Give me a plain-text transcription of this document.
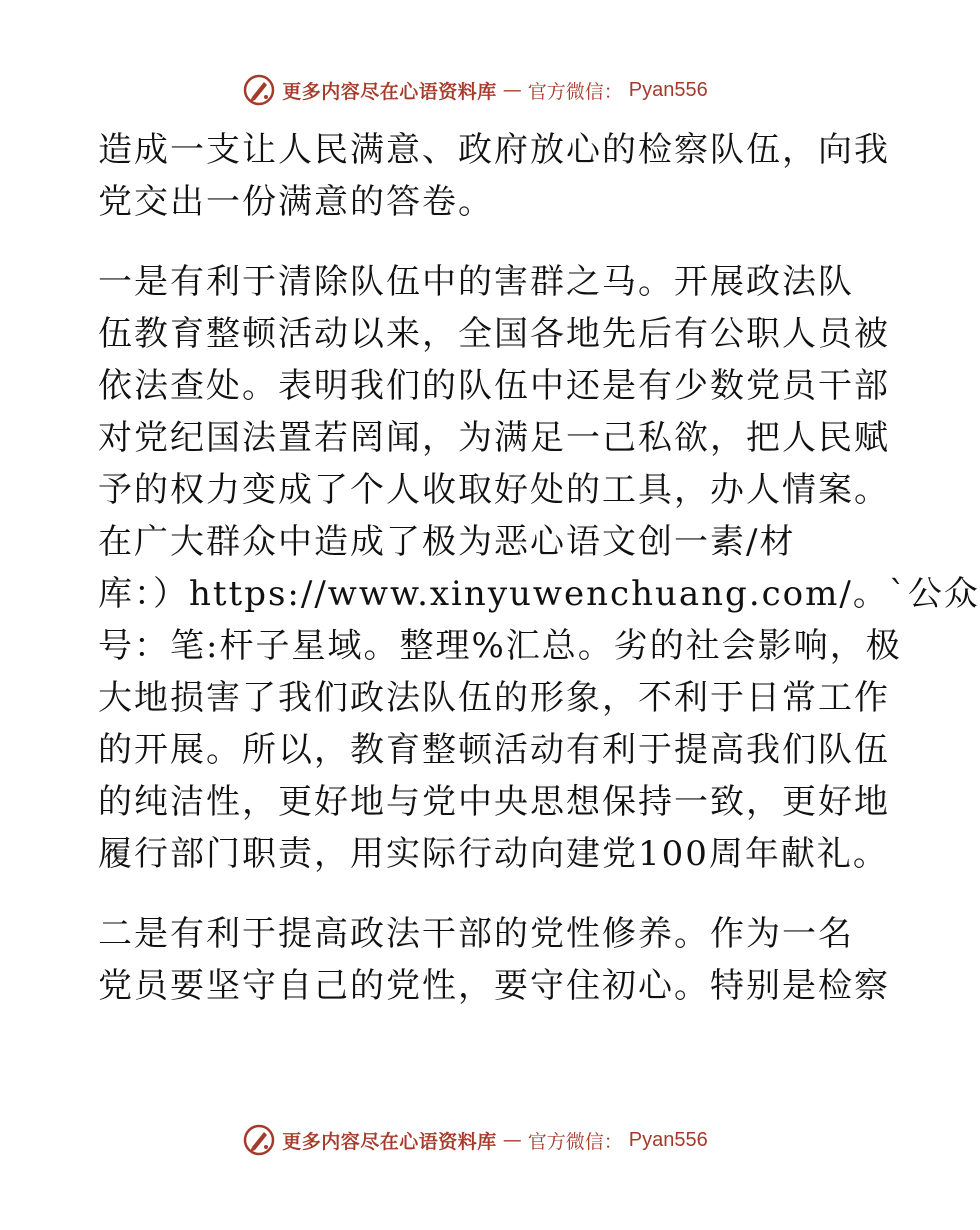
更多内容尽在心语资料库 — 官方微信： Pyan556
造成一支让人民满意、政府放心的检察队伍，向我
党交出一份满意的答卷。
一是有利于清除队伍中的害群之马。开展政法队
伍教育整顿活动以来，全国各地先后有公职人员被
依法查处。表明我们的队伍中还是有少数党员干部
对党纪国法置若罔闻，为满足一己私欲，把人民赋
予的权力变成了个人收取好处的工具，办人情案。
在广大群众中造成了极为恶心语文创一素/材
库：）https://www.xinyuwenchuang.com/。`公众
号：笔:杆子星域。整理%汇总。劣的社会影响，极
大地损害了我们政法队伍的形象，不利于日常工作
的开展。所以，教育整顿活动有利于提高我们队伍
的纯洁性，更好地与党中央思想保持一致，更好地
履行部门职责，用实际行动向建党100周年献礼。
二是有利于提高政法干部的党性修养。作为一名
党员要坚守自己的党性，要守住初心。特别是检察
更多内容尽在心语资料库 — 官方微信： Pyan556
